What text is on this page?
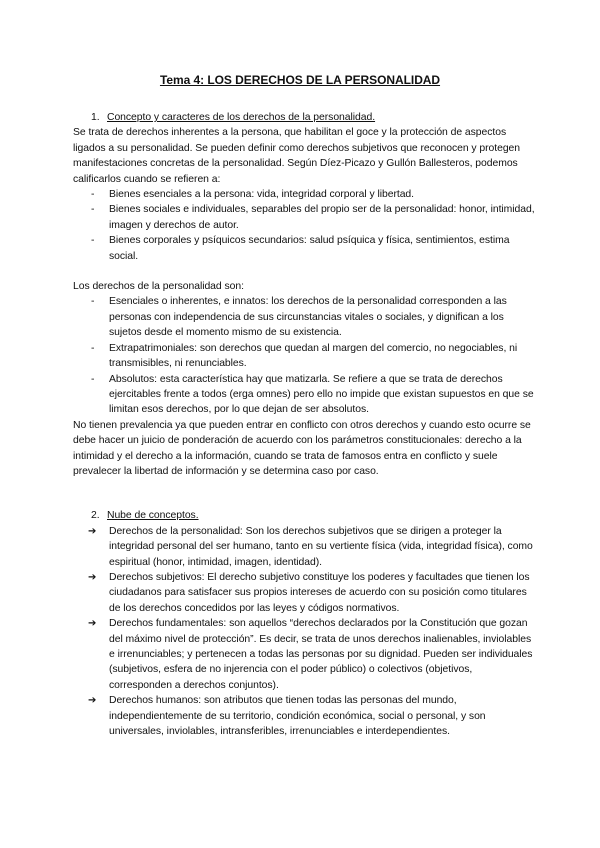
Tema 4: LOS DERECHOS DE LA PERSONALIDAD
1. Concepto y caracteres de los derechos de la personalidad.

Se trata de derechos inherentes a la persona, que habilitan el goce y la protección de aspectos ligados a su personalidad. Se pueden definir como derechos subjetivos que reconocen y protegen manifestaciones concretas de la personalidad. Según Díez-Picazo y Gullón Ballesteros, podemos calificarlos cuando se refieren a:

- Bienes esenciales a la persona: vida, integridad corporal y libertad.
- Bienes sociales e individuales, separables del propio ser de la personalidad: honor, intimidad, imagen y derechos de autor.
- Bienes corporales y psíquicos secundarios: salud psíquica y física, sentimientos, estima social.

Los derechos de la personalidad son:

- Esenciales o inherentes, e innatos: los derechos de la personalidad corresponden a las personas con independencia de sus circunstancias vitales o sociales, y dignifican a los sujetos desde el momento mismo de su existencia.
- Extrapatrimoniales: son derechos que quedan al margen del comercio, no negociables, ni transmisibles, ni renunciables.
- Absolutos: esta característica hay que matizarla. Se refiere a que se trata de derechos ejercitables frente a todos (erga omnes) pero ello no impide que existan supuestos en que se limitan esos derechos, por lo que dejan de ser absolutos.

No tienen prevalencia ya que pueden entrar en conflicto con otros derechos y cuando esto ocurre se debe hacer un juicio de ponderación de acuerdo con los parámetros constitucionales: derecho a la intimidad y el derecho a la información, cuando se trata de famosos entra en conflicto y suele prevalecer la libertad de información y se determina caso por caso.

2. Nube de conceptos.
➔ Derechos de la personalidad: Son los derechos subjetivos que se dirigen a proteger la integridad personal del ser humano, tanto en su vertiente física (vida, integridad física), como espiritual (honor, intimidad, imagen, identidad).
➔ Derechos subjetivos: El derecho subjetivo constituye los poderes y facultades que tienen los ciudadanos para satisfacer sus propios intereses de acuerdo con su posición como titulares de los derechos concedidos por las leyes y códigos normativos.
➔ Derechos fundamentales: son aquellos “derechos declarados por la Constitución que gozan del máximo nivel de protección”. Es decir, se trata de unos derechos inalienables, inviolables e irrenunciables; y pertenecen a todas las personas por su dignidad. Pueden ser individuales (subjetivos, esfera de no injerencia con el poder público) o colectivos (objetivos, corresponden a derechos conjuntos).
➔ Derechos humanos: son atributos que tienen todas las personas del mundo, independientemente de su territorio, condición económica, social o personal, y son universales, inviolables, intransferibles, irrenunciables e interdependientes.
